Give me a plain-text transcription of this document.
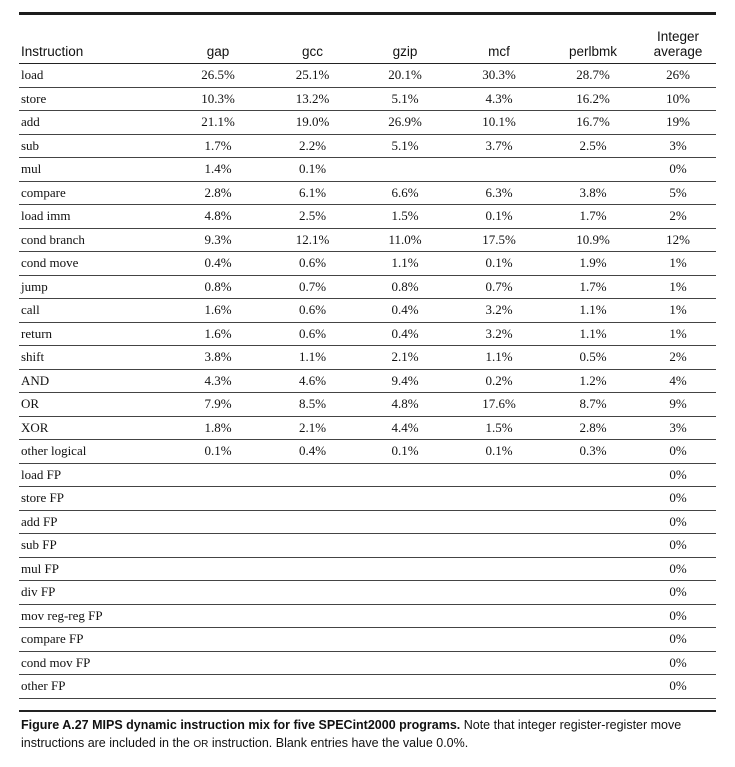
Instruction	gap	gcc	gzip	mcf	perlbmk	Integer average
load	26.5%	25.1%	20.1%	30.3%	28.7%	26%
store	10.3%	13.2%	5.1%	4.3%	16.2%	10%
add	21.1%	19.0%	26.9%	10.1%	16.7%	19%
sub	1.7%	2.2%	5.1%	3.7%	2.5%	3%
mul	1.4%	0.1%				0%
compare	2.8%	6.1%	6.6%	6.3%	3.8%	5%
load imm	4.8%	2.5%	1.5%	0.1%	1.7%	2%
cond branch	9.3%	12.1%	11.0%	17.5%	10.9%	12%
cond move	0.4%	0.6%	1.1%	0.1%	1.9%	1%
jump	0.8%	0.7%	0.8%	0.7%	1.7%	1%
call	1.6%	0.6%	0.4%	3.2%	1.1%	1%
return	1.6%	0.6%	0.4%	3.2%	1.1%	1%
shift	3.8%	1.1%	2.1%	1.1%	0.5%	2%
AND	4.3%	4.6%	9.4%	0.2%	1.2%	4%
OR	7.9%	8.5%	4.8%	17.6%	8.7%	9%
XOR	1.8%	2.1%	4.4%	1.5%	2.8%	3%
other logical	0.1%	0.4%	0.1%	0.1%	0.3%	0%
load FP						0%
store FP						0%
add FP						0%
sub FP						0%
mul FP						0%
div FP						0%
mov reg-reg FP						0%
compare FP						0%
cond mov FP						0%
other FP						0%
Figure A.27 MIPS dynamic instruction mix for five SPECint2000 programs. Note that integer register-register move instructions are included in the OR instruction. Blank entries have the value 0.0%.
